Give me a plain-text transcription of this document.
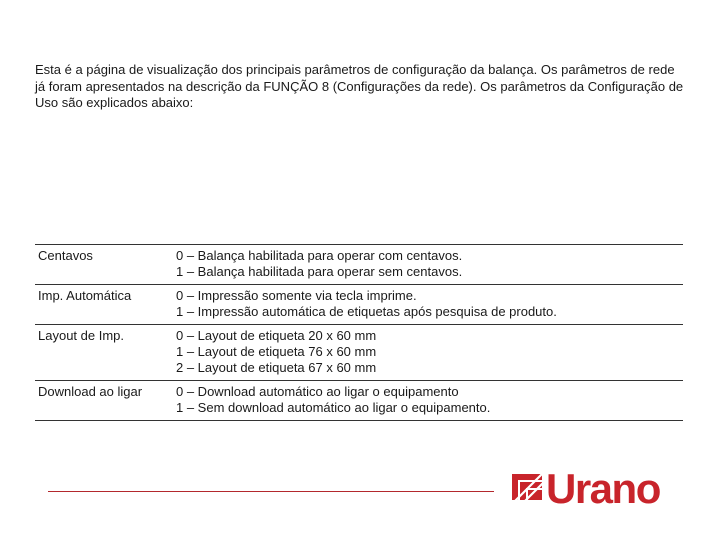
Esta é a página de visualização dos principais parâmetros de configuração da balança. Os parâmetros de rede já foram apresentados na descrição da FUNÇÃO 8 (Configurações da rede). Os parâmetros da Configuração de Uso são explicados abaixo:

Centavos	0 – Balança habilitada para operar com centavos.
1 – Balança habilitada para operar sem centavos.

Imp. Automática	0 – Impressão somente via tecla imprime.
1 – Impressão automática de etiquetas após pesquisa de produto.

Layout de Imp.	0 – Layout de etiqueta 20 x 60 mm
1 – Layout de etiqueta 76 x 60 mm
2 – Layout de etiqueta 67 x 60 mm

Download ao ligar	0 – Download automático ao ligar o equipamento
1 – Sem download automático ao ligar o equipamento.
Urano
